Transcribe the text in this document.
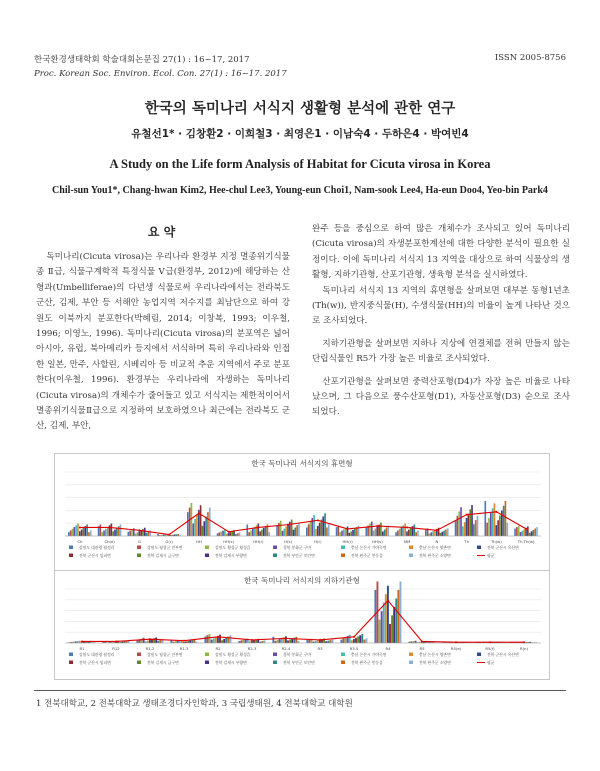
한국환경생태학회 학술대회논문집 27(1) : 16~17, 2017
Proc. Korean Soc. Environ. Ecol. Con. 27(1) : 16~17. 2017
ISSN 2005-8756
한국의 독미나리 서식지 생활형 분석에 관한 연구
유철선1* · 김창환2 · 이희철3 · 최영은1 · 이남숙4 · 두하은4 · 박여빈4
A Study on the Life form Analysis of Habitat for Cicuta virosa in Korea
Chil-sun You1*, Chang-hwan Kim2, Hee-chul Lee3, Young-eun Choi1, Nam-sook Lee4, Ha-eun Doo4, Yeo-bin Park4
요 약

독미나리(Cicuta virosa)는 우리나라 환경부 지정 멸종위기식물종 Ⅱ급, 식물구계학적 특정식물 Ⅴ급(환경부, 2012)에 해당하는 산형과(Umbelliferae)의 다년생 식물로써 우리나라에서는 전라북도 군산, 김제, 부안 등 서해안 농업지역 저수지를 최남단으로 하여 강원도 이북까지 분포한다(박혜림, 2014; 이창복, 1993; 이우철, 1996; 이영노, 1996). 독미나리(Cicuta virosa)의 분포역은 넓어 아시아, 유럽, 북아메리카 등지에서 서식하며 특히 우리나라와 인접한 일본, 만주, 사할린, 시베리아 등 비교적 추운 지역에서 주로 분포한다(이우철, 1996). 환경부는 우리나라에 자생하는 독미나리(Cicuta virosa)의 개체수가 줄어들고 있고 서식지는 제한적이어서 멸종위기식물Ⅱ급으로 지정하여 보호하였으나 최근에는 전라북도 군산, 김제, 부안,

완주 등을 중심으로 하여 많은 개체수가 조사되고 있어 독미나리(Cicuta virosa)의 자생분포한계선에 대한 다양한 분석이 필요한 실정이다. 이에 독미나리 서식지 13 지역을 대상으로 하여 식물상의 생활형, 지하기관형, 산포기관형, 생육형 분석을 실시하였다.

독미나리 서식지 13 지역의 휴면형을 살펴보면 대부분 동형1년초(Th(w)), 반지중식물(H), 수생식물(HH)의 비율이 높게 나타난 것으로 조사되었다.

지하기관형을 살펴보면 지하나 지상에 연결체를 전혀 만들지 않는 단립식물인 R5가 가장 높은 비율로 조사되었다.

산포기관형을 살펴보면 중력산포형(D4)가 자장 높은 비율로 나타났으며, 그 다음으로 풍수산포형(D1), 자동산포형(D3) 순으로 조사되었다.

한국 독미나리 서식지의 휴면형
Ch	Ch(e)	G	G(r)	HH	HH(s)	HH(r)	H(s)	H(r)	HH(r)	HH(s)	MM	N	Th	Th(w)	Th,Th(w)
강원도 대관령 월정리	강원도 평창군 진부면	강원도 횡성군 횡성읍	경북 봉화군 구마	충남 논산시 가야곡면	충남 논산시 양촌면	전북 군산시 옥산면
전북 군산시 임피면	전북 김제시 금구면	전북 김제시 부량면	전북 부안군 보안면	전북 완주군 봉동읍	전북 완주군 소양면	평균
한국 독미나리 서식지의 지하기관형
R1	R12	R1-2	R1-3	R2	R2-3	R2-4	R3	R3-5	R4	R5	R5(e)	R5(f)	R(n)
강원도 대관령 월정리	강원도 평창군 진부면	강원도 횡성군 횡성읍	경북 봉화군 구마	충남 논산시 가야곡면	충남 논산시 양촌면	전북 군산시 옥산면
전북 군산시 임피면	전북 김제시 금구면	전북 김제시 부량면	전북 부안군 보안면	전북 완주군 봉동읍	전북 완주군 소양면	평균
1 전북대학교, 2 전북대학교 생태조경디자인학과, 3 국립생태원, 4 전북대학교 대학원
